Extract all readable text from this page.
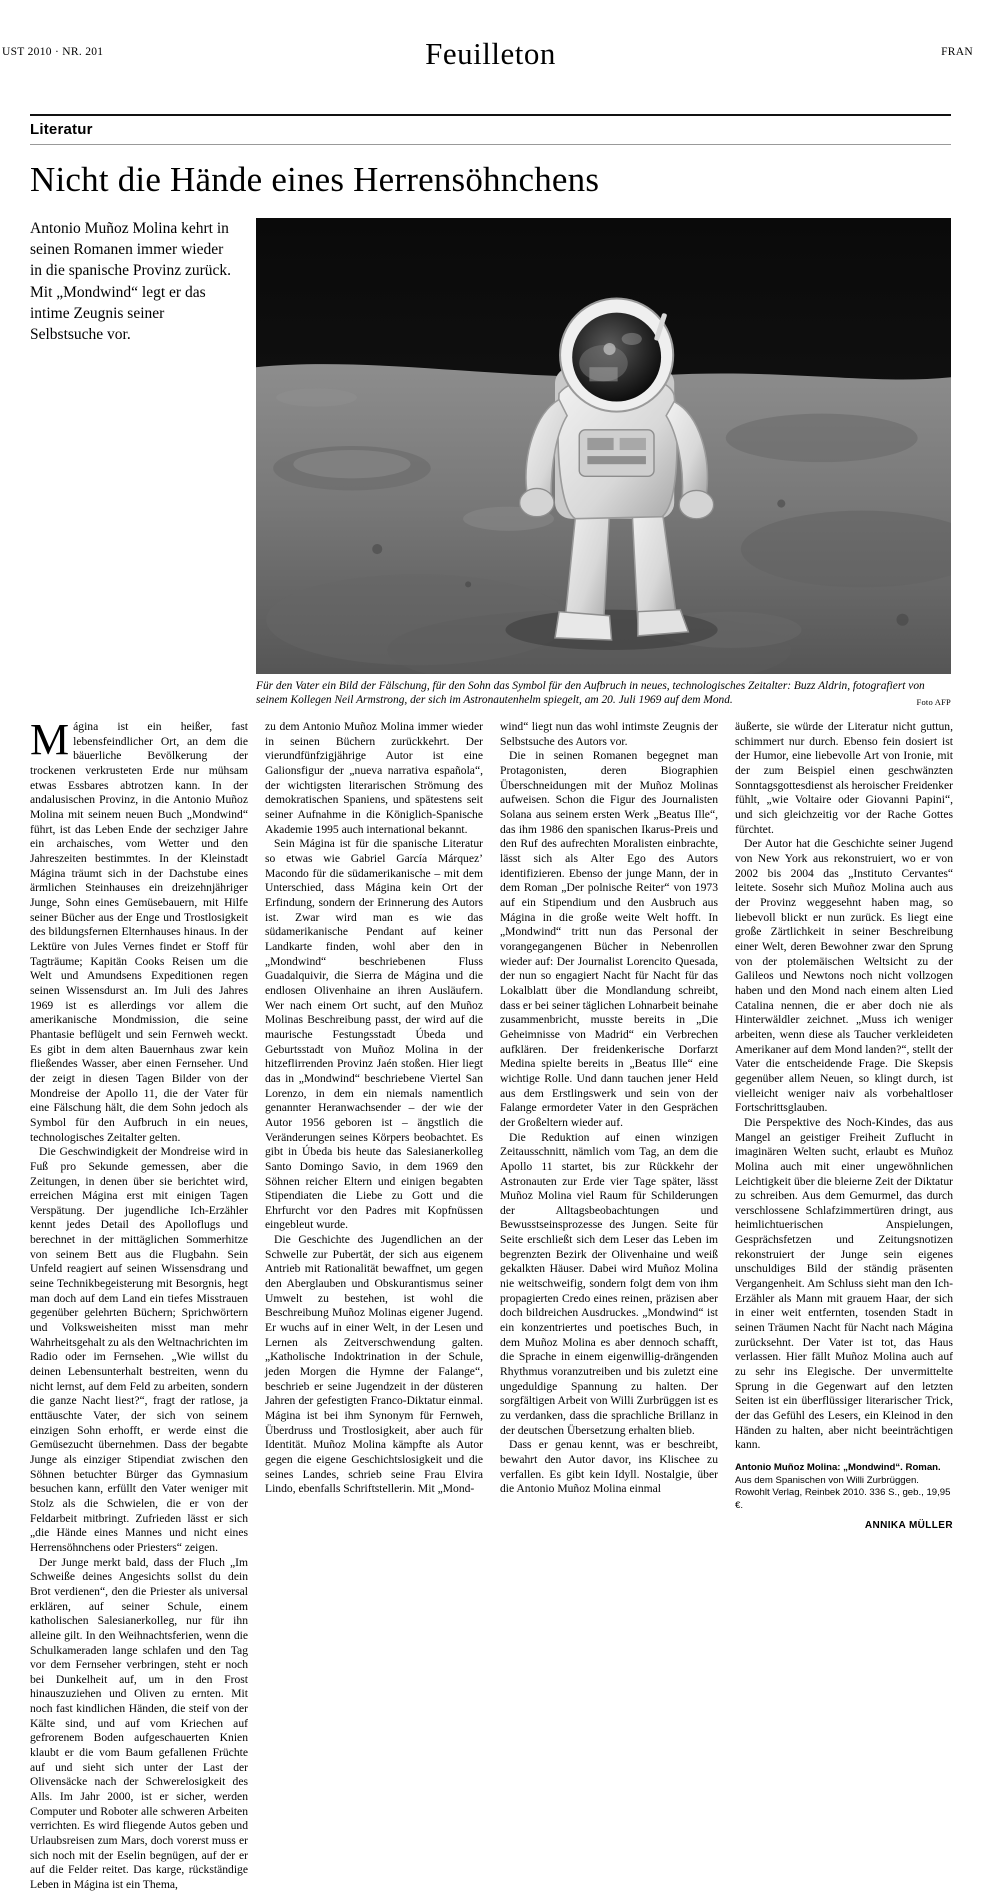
UST 2010 · NR. 201	Feuilleton	FRAN
Literatur
Nicht die Hände eines Herrensöhnchens
Antonio Muñoz Molina kehrt in seinen Romanen immer wieder in die spanische Provinz zurück. Mit „Mondwind“ legt er das intime Zeugnis seiner Selbstsuche vor.
Für den Vater ein Bild der Fälschung, für den Sohn das Symbol für den Aufbruch in neues, technologisches Zeitalter: Buzz Aldrin, fotografiert von seinem Kollegen Neil Armstrong, der sich im Astronautenhelm spiegelt, am 20. Juli 1969 auf dem Mond.	Foto AFP

Mágina ist ein heißer, fast lebensfeindlicher Ort, an dem die bäuerliche Bevölkerung der trockenen verkrusteten Erde nur mühsam etwas Essbares abtrotzen kann. In der andalusischen Provinz, in die Antonio Muñoz Molina mit seinem neuen Buch „Mondwind“ führt, ist das Leben Ende der sechziger Jahre ein archaisches, vom Wetter und den Jahreszeiten bestimmtes. In der Kleinstadt Mágina träumt sich in der Dachstube eines ärmlichen Steinhauses ein dreizehnjähriger Junge, Sohn eines Gemüsebauern, mit Hilfe seiner Bücher aus der Enge und Trostlosigkeit des bildungsfernen Elternhauses hinaus. In der Lektüre von Jules Vernes findet er Stoff für Tagträume; Kapitän Cooks Reisen um die Welt und Amundsens Expeditionen regen seinen Wissensdurst an. Im Juli des Jahres 1969 ist es allerdings vor allem die amerikanische Mondmission, die seine Phantasie beflügelt und sein Fernweh weckt. Es gibt in dem alten Bauernhaus zwar kein fließendes Wasser, aber einen Fernseher. Und der zeigt in diesen Tagen Bilder von der Mondreise der Apollo 11, die der Vater für eine Fälschung hält, die dem Sohn jedoch als Symbol für den Aufbruch in ein neues, technologisches Zeitalter gelten.

Die Geschwindigkeit der Mondreise wird in Fuß pro Sekunde gemessen, aber die Zeitungen, in denen über sie berichtet wird, erreichen Mágina erst mit einigen Tagen Verspätung. Der jugendliche Ich-Erzähler kennt jedes Detail des Apolloflugs und berechnet in der mittäglichen Sommerhitze von seinem Bett aus die Flugbahn. Sein Unfeld reagiert auf seinen Wissensdrang und seine Technikbegeisterung mit Besorgnis, hegt man doch auf dem Land ein tiefes Misstrauen gegenüber gelehrten Büchern; Sprichwörtern und Volksweisheiten misst man mehr Wahrheitsgehalt zu als den Weltnachrichten im Radio oder im Fernsehen. „Wie willst du deinen Lebensunterhalt bestreiten, wenn du nicht lernst, auf dem Feld zu arbeiten, sondern die ganze Nacht liest?“, fragt der ratlose, ja enttäuschte Vater, der sich von seinem einzigen Sohn erhofft, er werde einst die Gemüsezucht übernehmen. Dass der begabte Junge als einziger Stipendiat zwischen den Söhnen betuchter Bürger das Gymnasium besuchen kann, erfüllt den Vater weniger mit Stolz als die Schwielen, die er von der Feldarbeit mitbringt. Zufrieden lässt er sich „die Hände eines Mannes und nicht eines Herrensöhnchens oder Priesters“ zeigen.

Der Junge merkt bald, dass der Fluch „Im Schweiße deines Angesichts sollst du dein Brot verdienen“, den die Priester als universal erklären, auf seiner Schule, einem katholischen Salesianerkolleg, nur für ihn alleine gilt. In den Weihnachtsferien, wenn die Schulkameraden lange schlafen und den Tag vor dem Fernseher verbringen, steht er noch bei Dunkelheit auf, um in den Frost hinauszuziehen und Oliven zu ernten. Mit noch fast kindlichen Händen, die steif von der Kälte sind, und auf vom Kriechen auf gefrorenem Boden aufgeschauerten Knien klaubt er die vom Baum gefallenen Früchte auf und sieht sich unter der Last der Olivensäcke nach der Schwerelosigkeit des Alls. Im Jahr 2000, ist er sicher, werden Computer und Roboter alle schweren Arbeiten verrichten. Es wird fliegende Autos geben und Urlaubsreisen zum Mars, doch vorerst muss er sich noch mit der Eselin begnügen, auf der er auf die Felder reitet. Das karge, rückständige Leben in Mágina ist ein Thema,

zu dem Antonio Muñoz Molina immer wieder in seinen Büchern zurückkehrt. Der vierundfünfzigjährige Autor ist eine Galionsfigur der „nueva narrativa española“, der wichtigsten literarischen Strömung des demokratischen Spaniens, und spätestens seit seiner Aufnahme in die Königlich-Spanische Akademie 1995 auch international bekannt.

Sein Mágina ist für die spanische Literatur so etwas wie Gabriel García Márquez’ Macondo für die südamerikanische – mit dem Unterschied, dass Mágina kein Ort der Erfindung, sondern der Erinnerung des Autors ist. Zwar wird man es wie das südamerikanische Pendant auf keiner Landkarte finden, wohl aber den in „Mondwind“ beschriebenen Fluss Guadalquivir, die Sierra de Mágina und die endlosen Olivenhaine an ihren Ausläufern. Wer nach einem Ort sucht, auf den Muñoz Molinas Beschreibung passt, der wird auf die maurische Festungsstadt Úbeda und Geburtsstadt von Muñoz Molina in der hitzeflirrenden Provinz Jaén stoßen. Hier liegt das in „Mondwind“ beschriebene Viertel San Lorenzo, in dem ein niemals namentlich genannter Heranwachsender – der wie der Autor 1956 geboren ist – ängstlich die Veränderungen seines Körpers beobachtet. Es gibt in Úbeda bis heute das Salesianerkolleg Santo Domingo Savio, in dem 1969 den Söhnen reicher Eltern und einigen begabten Stipendiaten die Liebe zu Gott und die Ehrfurcht vor den Padres mit Kopfnüssen eingebleut wurde.

Die Geschichte des Jugendlichen an der Schwelle zur Pubertät, der sich aus eigenem Antrieb mit Rationalität bewaffnet, um gegen den Aberglauben und Obskurantismus seiner Umwelt zu bestehen, ist wohl die Beschreibung Muñoz Molinas eigener Jugend. Er wuchs auf in einer Welt, in der Lesen und Lernen als Zeitverschwendung galten. „Katholische Indoktrination in der Schule, jeden Morgen die Hymne der Falange“, beschrieb er seine Jugendzeit in der düsteren Jahren der gefestigten Franco-Diktatur einmal. Mágina ist bei ihm Synonym für Fernweh, Überdruss und Trostlosigkeit, aber auch für Identität. Muñoz Molina kämpfte als Autor gegen die eigene Geschichtslosigkeit und die seines Landes, schrieb seine Frau Elvira Lindo, ebenfalls Schriftstellerin. Mit „Mond-

wind“ liegt nun das wohl intimste Zeugnis der Selbstsuche des Autors vor.

Die in seinen Romanen begegnet man Protagonisten, deren Biographien Überschneidungen mit der Muñoz Molinas aufweisen. Schon die Figur des Journalisten Solana aus seinem ersten Werk „Beatus Ille“, das ihm 1986 den spanischen Ikarus-Preis und den Ruf des aufrechten Moralisten einbrachte, lässt sich als Alter Ego des Autors identifizieren. Ebenso der junge Mann, der in dem Roman „Der polnische Reiter“ von 1973 auf ein Stipendium und den Ausbruch aus Mágina in die große weite Welt hofft. In „Mondwind“ tritt nun das Personal der vorangegangenen Bücher in Nebenrollen wieder auf: Der Journalist Lorencito Quesada, der nun so engagiert Nacht für Nacht für das Lokalblatt über die Mondlandung schreibt, dass er bei seiner täglichen Lohnarbeit beinahe zusammenbricht, musste bereits in „Die Geheimnisse von Madrid“ ein Verbrechen aufklären. Der freidenkerische Dorfarzt Medina spielte bereits in „Beatus Ille“ eine wichtige Rolle. Und dann tauchen jener Held aus dem Erstlingswerk und sein von der Falange ermordeter Vater in den Gesprächen der Großeltern wieder auf.

Die Reduktion auf einen winzigen Zeitausschnitt, nämlich vom Tag, an dem die Apollo 11 startet, bis zur Rückkehr der Astronauten zur Erde vier Tage später, lässt Muñoz Molina viel Raum für Schilderungen der Alltagsbeobachtungen und Bewusstseinsprozesse des Jungen. Seite für Seite erschließt sich dem Leser das Leben im begrenzten Bezirk der Olivenhaine und weiß gekalkten Häuser. Dabei wird Muñoz Molina nie weitschweifig, sondern folgt dem von ihm propagierten Credo eines reinen, präzisen aber doch bildreichen Ausdruckes. „Mondwind“ ist ein konzentriertes und poetisches Buch, in dem Muñoz Molina es aber dennoch schafft, die Sprache in einem eigenwillig-drängenden Rhythmus voranzutreiben und bis zuletzt eine ungeduldige Spannung zu halten. Der sorgfältigen Arbeit von Willi Zurbrüggen ist es zu verdanken, dass die sprachliche Brillanz in der deutschen Übersetzung erhalten blieb.

Dass er genau kennt, was er beschreibt, bewahrt den Autor davor, ins Klischee zu verfallen. Es gibt kein Idyll. Nostalgie, über die Antonio Muñoz Molina einmal

äußerte, sie würde der Literatur nicht guttun, schimmert nur durch. Ebenso fein dosiert ist der Humor, eine liebevolle Art von Ironie, mit der zum Beispiel einen geschwänzten Sonntagsgottesdienst als heroischer Freidenker fühlt, „wie Voltaire oder Giovanni Papini“, und sich gleichzeitig vor der Rache Gottes fürchtet.

Der Autor hat die Geschichte seiner Jugend von New York aus rekonstruiert, wo er von 2002 bis 2004 das „Instituto Cervantes“ leitete. Sosehr sich Muñoz Molina auch aus der Provinz weggesehnt haben mag, so liebevoll blickt er nun zurück. Es liegt eine große Zärtlichkeit in seiner Beschreibung einer Welt, deren Bewohner zwar den Sprung von der ptolemäischen Weltsicht zu der Galileos und Newtons noch nicht vollzogen haben und den Mond nach einem alten Lied Catalina nennen, die er aber doch nie als Hinterwäldler zeichnet. „Muss ich weniger arbeiten, wenn diese als Taucher verkleideten Amerikaner auf dem Mond landen?“, stellt der Vater die entscheidende Frage. Die Skepsis gegenüber allem Neuen, so klingt durch, ist vielleicht weniger naiv als vorbehaltloser Fortschrittsglauben.

Die Perspektive des Noch-Kindes, das aus Mangel an geistiger Freiheit Zuflucht in imaginären Welten sucht, erlaubt es Muñoz Molina auch mit einer ungewöhnlichen Leichtigkeit über die bleierne Zeit der Diktatur zu schreiben. Aus dem Gemurmel, das durch verschlossene Schlafzimmertüren dringt, aus heimlichtuerischen Anspielungen, Gesprächsfetzen und Zeitungsnotizen rekonstruiert der Junge sein eigenes unschuldiges Bild der ständig präsenten Vergangenheit. Am Schluss sieht man den Ich-Erzähler als Mann mit grauem Haar, der sich in einer weit entfernten, tosenden Stadt in seinen Träumen Nacht für Nacht nach Mágina zurücksehnt. Der Vater ist tot, das Haus verlassen. Hier fällt Muñoz Molina auch auf zu sehr ins Elegische. Der unvermittelte Sprung in die Gegenwart auf den letzten Seiten ist ein überflüssiger literarischer Trick, der das Gefühl des Lesers, ein Kleinod in den Händen zu halten, aber nicht beeinträchtigen kann.

Antonio Muñoz Molina: „Mondwind“. Roman. Aus dem Spanischen von Willi Zurbrüggen. Rowohlt Verlag, Reinbek 2010. 336 S., geb., 19,95 €.
ANNIKA MÜLLER
